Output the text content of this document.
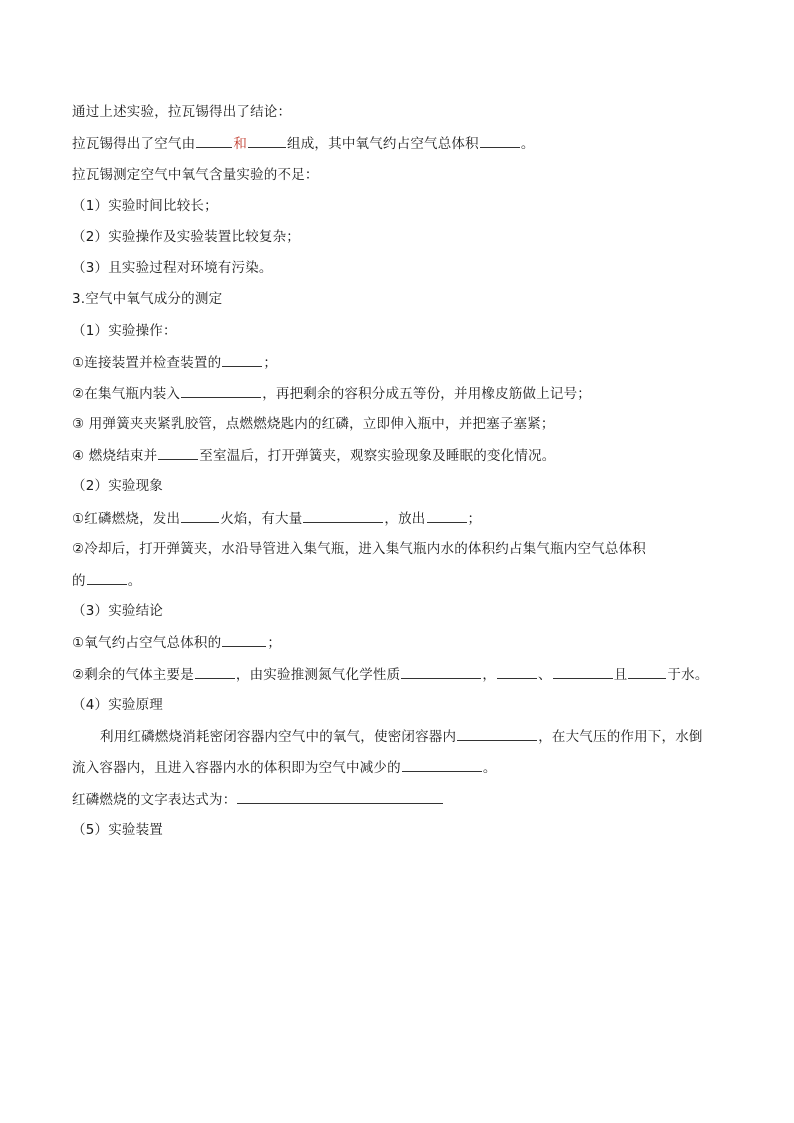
通过上述实验，拉瓦锡得出了结论：
拉瓦锡得出了空气由	和	组成，其中氧气约占空气总体积	。
拉瓦锡测定空气中氧气含量实验的不足：
（1）实验时间比较长；
（2）实验操作及实验装置比较复杂；
（3）且实验过程对环境有污染。
3.空气中氧气成分的测定
（1）实验操作：
①连接装置并检查装置的	；
②在集气瓶内装入	，再把剩余的容积分成五等份，并用橡皮筋做上记号；
③ 用弹簧夹夹紧乳胶管，点燃燃烧匙内的红磷，立即伸入瓶中，并把塞子塞紧；
④ 燃烧结束并	至室温后，打开弹簧夹，观察实验现象及睡眠的变化情况。
（2）实验现象
①红磷燃烧，发出	火焰，有大量	，放出	；
②冷却后，打开弹簧夹，水沿导管进入集气瓶，进入集气瓶内水的体积约占集气瓶内空气总体积
的	。
（3）实验结论
①氧气约占空气总体积的	；
②剩余的气体主要是	，由实验推测氮气化学性质	，	、	且	于水。
（4）实验原理
利用红磷燃烧消耗密闭容器内空气中的氧气，使密闭容器内	，在大气压的作用下，水倒
流入容器内，且进入容器内水的体积即为空气中减少的	。
红磷燃烧的文字表达式为：
（5）实验装置
